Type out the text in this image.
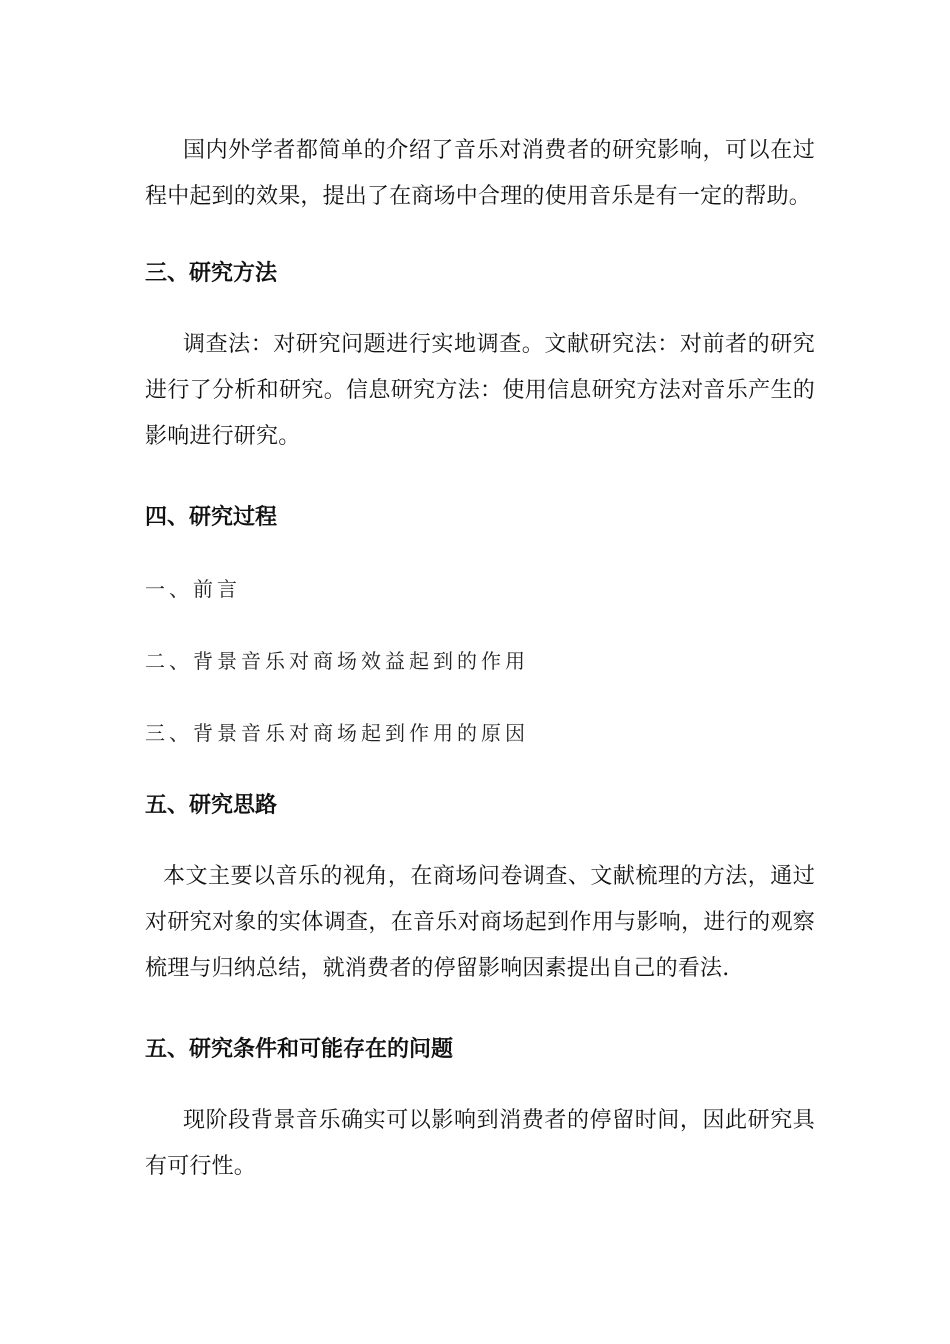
国内外学者都简单的介绍了音乐对消费者的研究影响，可以在过程中起到的效果，提出了在商场中合理的使用音乐是有一定的帮助。

三、研究方法

调查法：对研究问题进行实地调查。文献研究法：对前者的研究进行了分析和研究。信息研究方法：使用信息研究方法对音乐产生的影响进行研究。

四、研究过程

一、前言

二、背景音乐对商场效益起到的作用

三、背景音乐对商场起到作用的原因

五、研究思路

本文主要以音乐的视角，在商场问卷调查、文献梳理的方法，通过对研究对象的实体调查，在音乐对商场起到作用与影响，进行的观察梳理与归纳总结，就消费者的停留影响因素提出自己的看法.

五、研究条件和可能存在的问题

现阶段背景音乐确实可以影响到消费者的停留时间，因此研究具有可行性。
